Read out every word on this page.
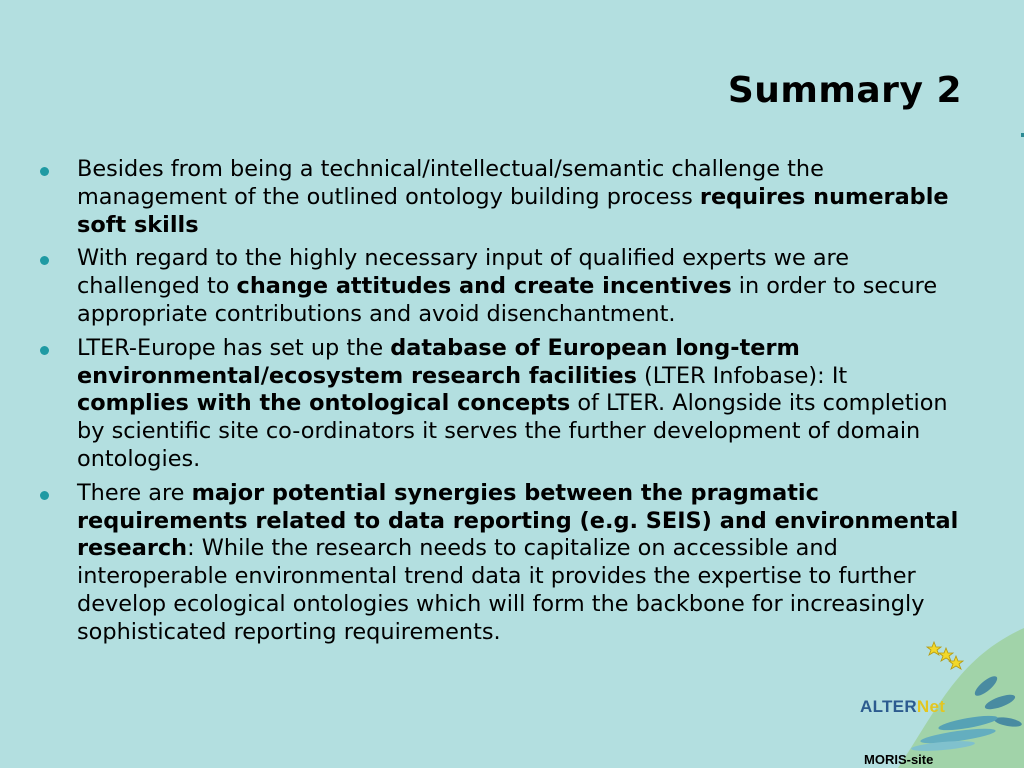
Summary 2
Besides from being a technical/intellectual/semantic challenge the management of the outlined ontology building process requires numerable soft skills
With regard to the highly necessary input of qualified experts we are challenged to change attitudes and create incentives in order to secure appropriate contributions and avoid disenchantment.
LTER-Europe has set up the database of European long-term environmental/ecosystem research facilities (LTER Infobase): It complies with the ontological concepts of LTER. Alongside its completion by scientific site co-ordinators it serves the further development of domain ontologies.
There are major potential synergies between the pragmatic requirements related to data reporting (e.g. SEIS) and environmental research: While the research needs to capitalize on accessible and interoperable environmental trend data it provides the expertise to further develop ecological ontologies which will form the backbone for increasingly sophisticated reporting requirements.
ALTERNet
MORIS-site
